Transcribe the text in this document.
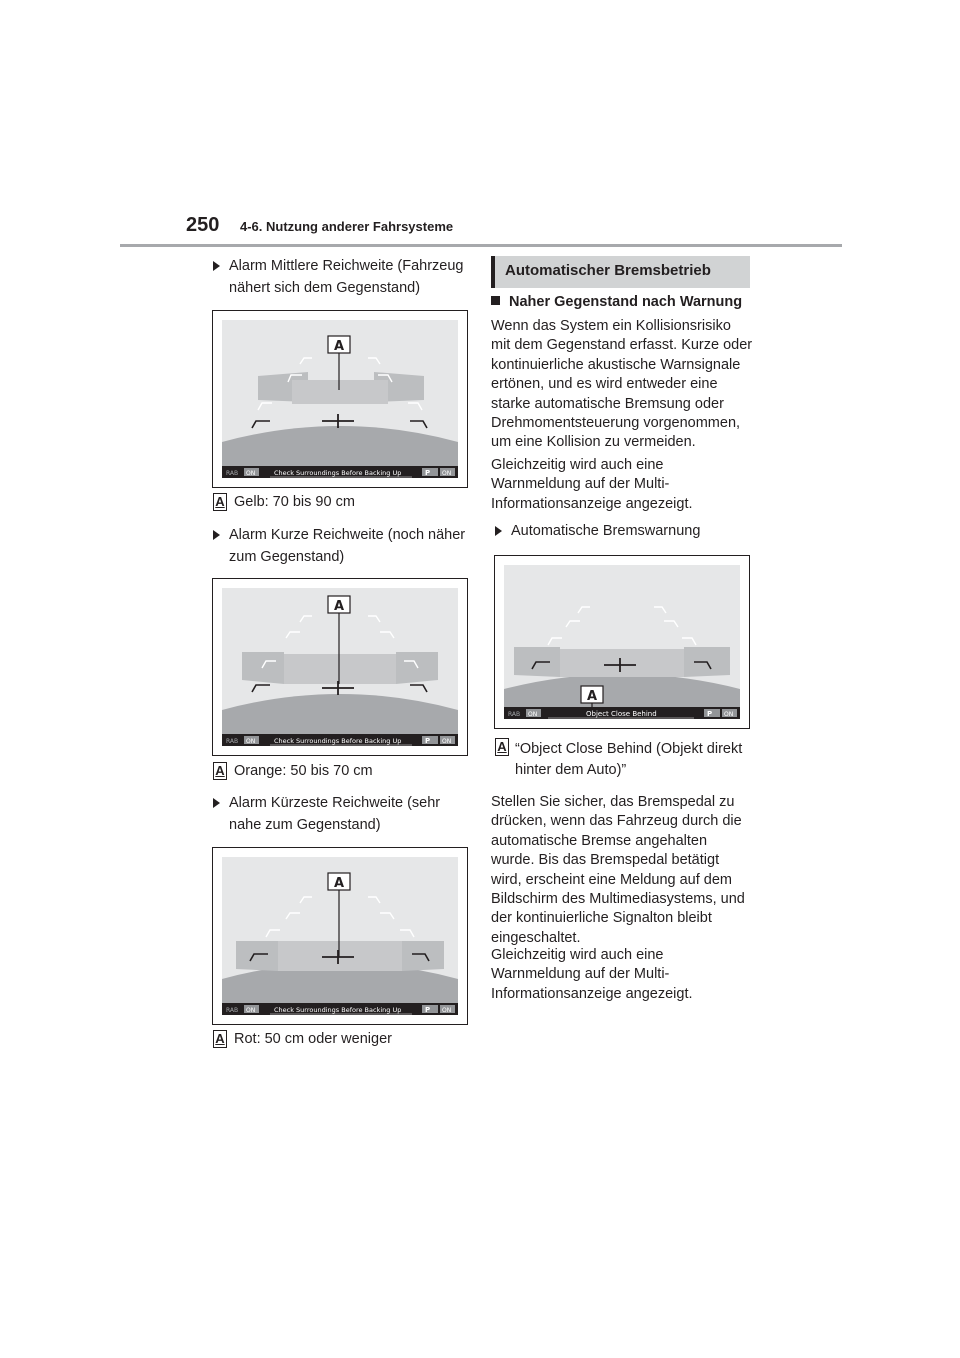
250 4-6. Nutzung anderer Fahrsysteme
Alarm Mittlere Reichweite (Fahrzeug nähert sich dem Gegenstand)
A
RAB ON	Check Surroundings Before Backing Up	P ON
A Gelb: 70 bis 90 cm
Alarm Kurze Reichweite (noch näher zum Gegenstand)
A
RAB ON	Check Surroundings Before Backing Up	P ON
A Orange: 50 bis 70 cm
Alarm Kürzeste Reichweite (sehr nahe zum Gegenstand)
A
RAB ON	Check Surroundings Before Backing Up	P ON
A Rot: 50 cm oder weniger
Automatischer Bremsbetrieb
Naher Gegenstand nach Warnung
Wenn das System ein Kollisionsrisiko mit dem Gegenstand erfasst. Kurze oder kontinuierliche akustische Warnsignale ertönen, und es wird entweder eine starke automatische Bremsung oder Drehmomentsteuerung vorgenommen, um eine Kollision zu vermeiden.
Gleichzeitig wird auch eine Warnmeldung auf der Multi-Informationsanzeige angezeigt.
Automatische Bremswarnung
A
RAB ON	Object Close Behind	P ON
A “Object Close Behind (Objekt direkt hinter dem Auto)”
Stellen Sie sicher, das Bremspedal zu drücken, wenn das Fahrzeug durch die automatische Bremse angehalten wurde. Bis das Bremspedal betätigt wird, erscheint eine Meldung auf dem Bildschirm des Multimediasystems, und der kontinuierliche Signalton bleibt eingeschaltet.
Gleichzeitig wird auch eine Warnmeldung auf der Multi-Informationsanzeige angezeigt.
